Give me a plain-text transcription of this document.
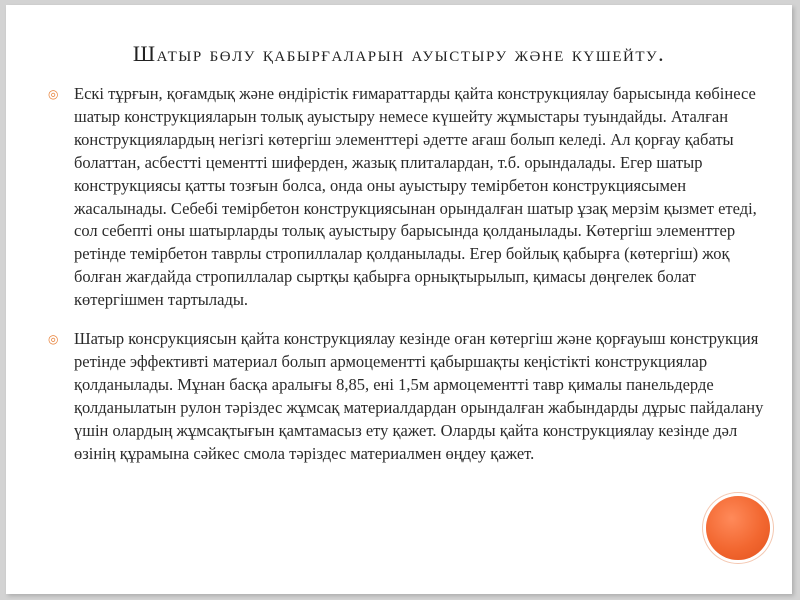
Шатыр бөлу қабырғаларын ауыстыру және күшейту.
◎ Ескі тұрғын, қоғамдық және өндірістік ғимараттарды қайта конструкциялау барысында көбінесе шатыр конструкцияларын толық ауыстыру немесе күшейту жұмыстары туындайды. Аталған конструкциялардың негізгі көтергіш элементтері әдетте ағаш болып келеді. Ал қорғау қабаты болаттан, асбестті цементті шиферден, жазық плиталардан, т.б. орындалады. Егер шатыр конструкциясы қатты тозғын болса, онда оны ауыстыру темірбетон конструкциясымен жасалынады. Себебі темірбетон конструкциясынан орындалған шатыр ұзақ мерзім қызмет етеді, сол себепті оны шатырларды толық ауыстыру барысында қолданылады. Көтергіш элементтер ретінде темірбетон таврлы стропиллалар қолданылады. Егер бойлық қабырға (көтергіш) жоқ болған жағдайда стропиллалар сыртқы қабырға орнықтырылып, қимасы дөңгелек болат көтергішмен тартылады.
◎ Шатыр консрукциясын қайта конструкциялау кезінде оған көтергіш және қорғауыш конструкция ретінде эффективті материал болып армоцементті қабыршақты кеңістікті конструкциялар қолданылады. Мұнан басқа аралығы 8,85, ені 1,5м армоцементті тавр қималы панельдерде қолданылатын рулон тәріздес жұмсақ материалдардан орындалған жабындарды дұрыс пайдалану үшін олардың жұмсақтығын қамтамасыз ету қажет. Оларды қайта конструкциялау кезінде дәл өзінің құрамына сәйкес смола тәріздес материалмен өңдеу қажет.
